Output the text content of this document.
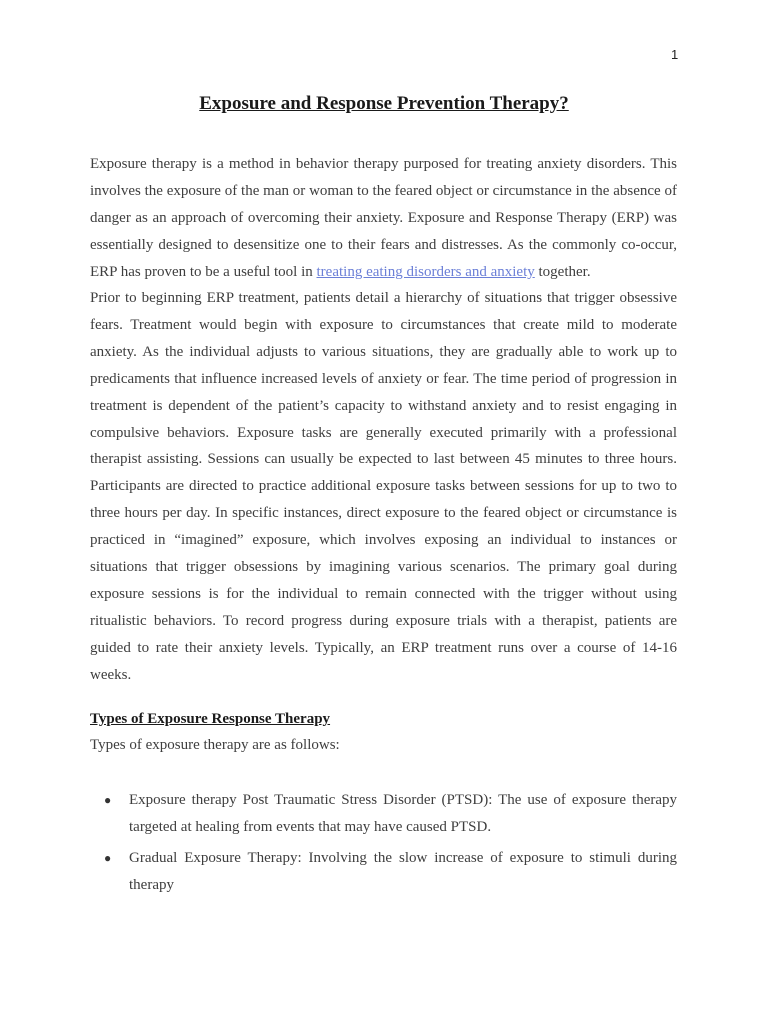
1
Exposure and Response Prevention Therapy?

Exposure therapy is a method in behavior therapy purposed for treating anxiety disorders. This involves the exposure of the man or woman to the feared object or circumstance in the absence of danger as an approach of overcoming their anxiety. Exposure and Response Therapy (ERP) was essentially designed to desensitize one to their fears and distresses. As the commonly co-occur, ERP has proven to be a useful tool in treating eating disorders and anxiety together.

Prior to beginning ERP treatment, patients detail a hierarchy of situations that trigger obsessive fears. Treatment would begin with exposure to circumstances that create mild to moderate anxiety. As the individual adjusts to various situations, they are gradually able to work up to predicaments that influence increased levels of anxiety or fear. The time period of progression in treatment is dependent of the patient’s capacity to withstand anxiety and to resist engaging in compulsive behaviors. Exposure tasks are generally executed primarily with a professional therapist assisting. Sessions can usually be expected to last between 45 minutes to three hours. Participants are directed to practice additional exposure tasks between sessions for up to two to three hours per day. In specific instances, direct exposure to the feared object or circumstance is practiced in “imagined” exposure, which involves exposing an individual to instances or situations that trigger obsessions by imagining various scenarios. The primary goal during exposure sessions is for the individual to remain connected with the trigger without using ritualistic behaviors. To record progress during exposure trials with a therapist, patients are guided to rate their anxiety levels. Typically, an ERP treatment runs over a course of 14-16 weeks.

Types of Exposure Response Therapy
Types of exposure therapy are as follows:
● Exposure therapy Post Traumatic Stress Disorder (PTSD): The use of exposure therapy targeted at healing from events that may have caused PTSD.
● Gradual Exposure Therapy: Involving the slow increase of exposure to stimuli during therapy
